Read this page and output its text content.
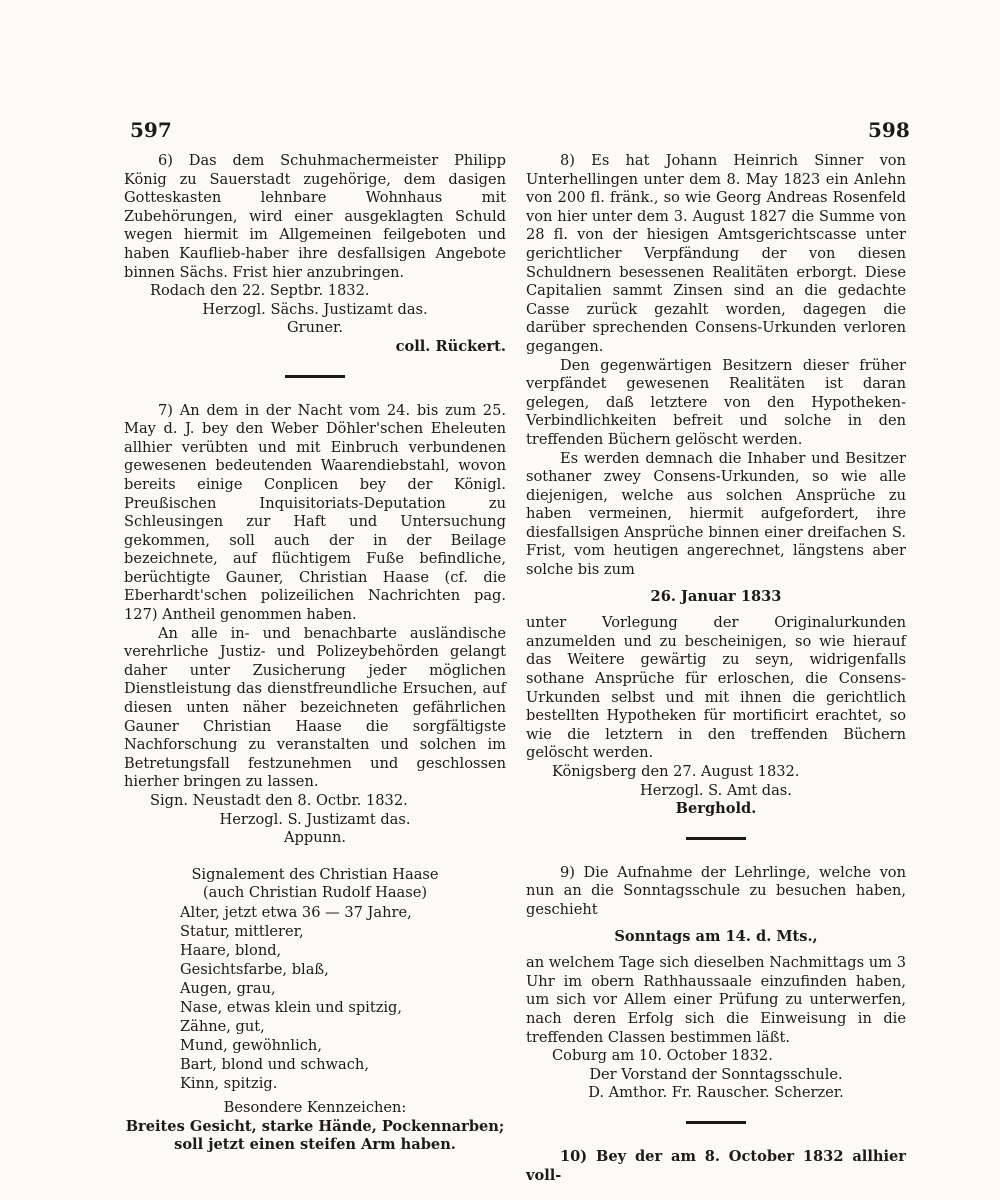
597	598

6) Das dem Schuhmachermeister Philipp König zu Sauerstadt zugehörige, dem dasigen Gotteskasten lehnbare Wohnhaus mit Zubehörungen, wird einer ausgeklagten Schuld wegen hiermit im Allgemeinen feilgeboten und haben Kauflieb-haber ihre desfallsigen Angebote binnen Sächs. Frist hier anzubringen.

Rodach den 22. Septbr. 1832.

Herzogl. Sächs. Justizamt das.

Gruner.

coll. Rückert.

7) An dem in der Nacht vom 24. bis zum 25. May d. J. bey den Weber Döhler'schen Eheleuten allhier verübten und mit Einbruch verbundenen gewesenen bedeutenden Waarendiebstahl, wovon bereits einige Conplicen bey der Königl. Preußischen Inquisitoriats-Deputation zu Schleusingen zur Haft und Untersuchung gekommen, soll auch der in der Beilage bezeichnete, auf flüchtigem Fuße befindliche, berüchtigte Gauner, Christian Haase (cf. die Eberhardt'schen polizeilichen Nachrichten pag. 127) Antheil genommen haben.

An alle in- und benachbarte ausländische verehrliche Justiz- und Polizeybehörden gelangt daher unter Zusicherung jeder möglichen Dienstleistung das dienstfreundliche Ersuchen, auf diesen unten näher bezeichneten gefährlichen Gauner Christian Haase die sorgfältigste Nachforschung zu veranstalten und solchen im Betretungsfall festzunehmen und geschlossen hierher bringen zu lassen.

Sign. Neustadt den 8. Octbr. 1832.

Herzogl. S. Justizamt das.

Appunn.

Signalement des Christian Haase

(auch Christian Rudolf Haase)

Alter, jetzt etwa 36 — 37 Jahre,
Statur, mittlerer,
Haare, blond,
Gesichtsfarbe, blaß,
Augen, grau,
Nase, etwas klein und spitzig,
Zähne, gut,
Mund, gewöhnlich,
Bart, blond und schwach,
Kinn, spitzig.

Besondere Kennzeichen:

Breites Gesicht, starke Hände, Pockennarben; soll jetzt einen steifen Arm haben.

8) Es hat Johann Heinrich Sinner von Unterhellingen unter dem 8. May 1823 ein Anlehn von 200 fl. fränk., so wie Georg Andreas Rosenfeld von hier unter dem 3. August 1827 die Summe von 28 fl. von der hiesigen Amtsgerichtscasse unter gerichtlicher Verpfändung der von diesen Schuldnern besessenen Realitäten erborgt. Diese Capitalien sammt Zinsen sind an die gedachte Casse zurück gezahlt worden, dagegen die darüber sprechenden Consens-Urkunden verloren gegangen.

Den gegenwärtigen Besitzern dieser früher verpfändet gewesenen Realitäten ist daran gelegen, daß letztere von den Hypotheken-Verbindlichkeiten befreit und solche in den treffenden Büchern gelöscht werden.

Es werden demnach die Inhaber und Besitzer sothaner zwey Consens-Urkunden, so wie alle diejenigen, welche aus solchen Ansprüche zu haben vermeinen, hiermit aufgefordert, ihre diesfallsigen Ansprüche binnen einer dreifachen S. Frist, vom heutigen angerechnet, längstens aber solche bis zum

26. Januar 1833

unter Vorlegung der Originalurkunden anzumelden und zu bescheinigen, so wie hierauf das Weitere gewärtig zu seyn, widrigenfalls sothane Ansprüche für erloschen, die Consens-Urkunden selbst und mit ihnen die gerichtlich bestellten Hypotheken für mortificirt erachtet, so wie die letztern in den treffenden Büchern gelöscht werden.

Königsberg den 27. August 1832.

Herzogl. S. Amt das.

Berghold.

9) Die Aufnahme der Lehrlinge, welche von nun an die Sonntagsschule zu besuchen haben, geschieht

Sonntags am 14. d. Mts.,

an welchem Tage sich dieselben Nachmittags um 3 Uhr im obern Rathhaussaale einzufinden haben, um sich vor Allem einer Prüfung zu unterwerfen, nach deren Erfolg sich die Einweisung in die treffenden Classen bestimmen läßt.

Coburg am 10. October 1832.

Der Vorstand der Sonntagsschule.

D. Amthor. Fr. Rauscher. Scherzer.

10) Bey der am 8. October 1832 allhier voll-
